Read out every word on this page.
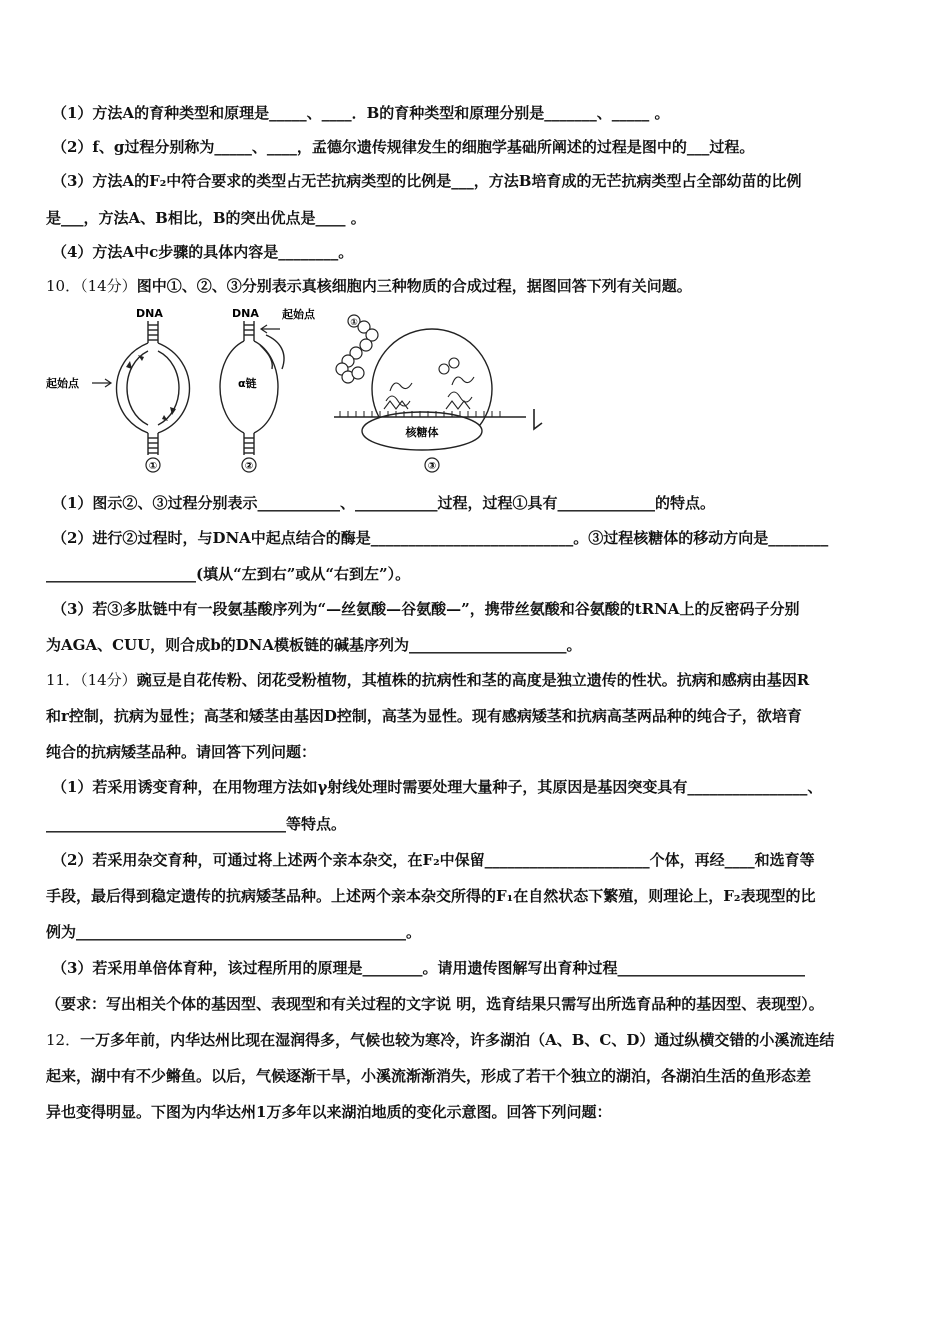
（1）方法A的育种类型和原理是_____、____．B的育种类型和原理分别是_______、_____ 。
（2）f、g过程分别称为_____、____，孟德尔遗传规律发生的细胞学基础所阐述的过程是图中的___过程。
（3）方法A的F₂中符合要求的类型占无芒抗病类型的比例是___，方法B培育成的无芒抗病类型占全部幼苗的比例
是___，方法A、B相比，B的突出优点是____ 。
（4）方法A中c步骤的具体内容是________。
10．（14分）图中①、②、③分别表示真核细胞内三种物质的合成过程，据图回答下列有关问题。
DNA
起始点
①
DNA 起始点
α链
②
核糖体
①
③
（1）图示②、③过程分别表示___________、___________过程，过程①具有_____________的特点。
（2）进行②过程时，与DNA中起点结合的酶是___________________________。③过程核糖体的移动方向是________
____________________(填从“左到右”或从“右到左”）。
（3）若③多肽链中有一段氨基酸序列为“—丝氨酸—谷氨酸—”，携带丝氨酸和谷氨酸的tRNA上的反密码子分别
为AGA、CUU，则合成b的DNA模板链的碱基序列为_____________________。
11．（14分）豌豆是自花传粉、闭花受粉植物，其植株的抗病性和茎的高度是独立遗传的性状。抗病和感病由基因R
和r控制，抗病为显性；高茎和矮茎由基因D控制，高茎为显性。现有感病矮茎和抗病高茎两品种的纯合子，欲培育
纯合的抗病矮茎品种。请回答下列问题：
（1）若采用诱变育种，在用物理方法如γ射线处理时需要处理大量种子，其原因是基因突变具有________________、
________________________________等特点。
（2）若采用杂交育种，可通过将上述两个亲本杂交，在F₂中保留______________________个体，再经____和选育等
手段，最后得到稳定遗传的抗病矮茎品种。上述两个亲本杂交所得的F₁在自然状态下繁殖，则理论上，F₂表现型的比
例为____________________________________________。
（3）若采用单倍体育种，该过程所用的原理是________。请用遗传图解写出育种过程_________________________
（要求：写出相关个体的基因型、表现型和有关过程的文字说 明，选育结果只需写出所选育品种的基因型、表现型）。
12．一万多年前，内华达州比现在湿润得多，气候也较为寒冷，许多湖泊（A、B、C、D）通过纵横交错的小溪流连结
起来，湖中有不少鳉鱼。以后，气候逐渐干旱，小溪流渐渐消失，形成了若干个独立的湖泊，各湖泊生活的鱼形态差
异也变得明显。下图为内华达州1万多年以来湖泊地质的变化示意图。回答下列问题：
